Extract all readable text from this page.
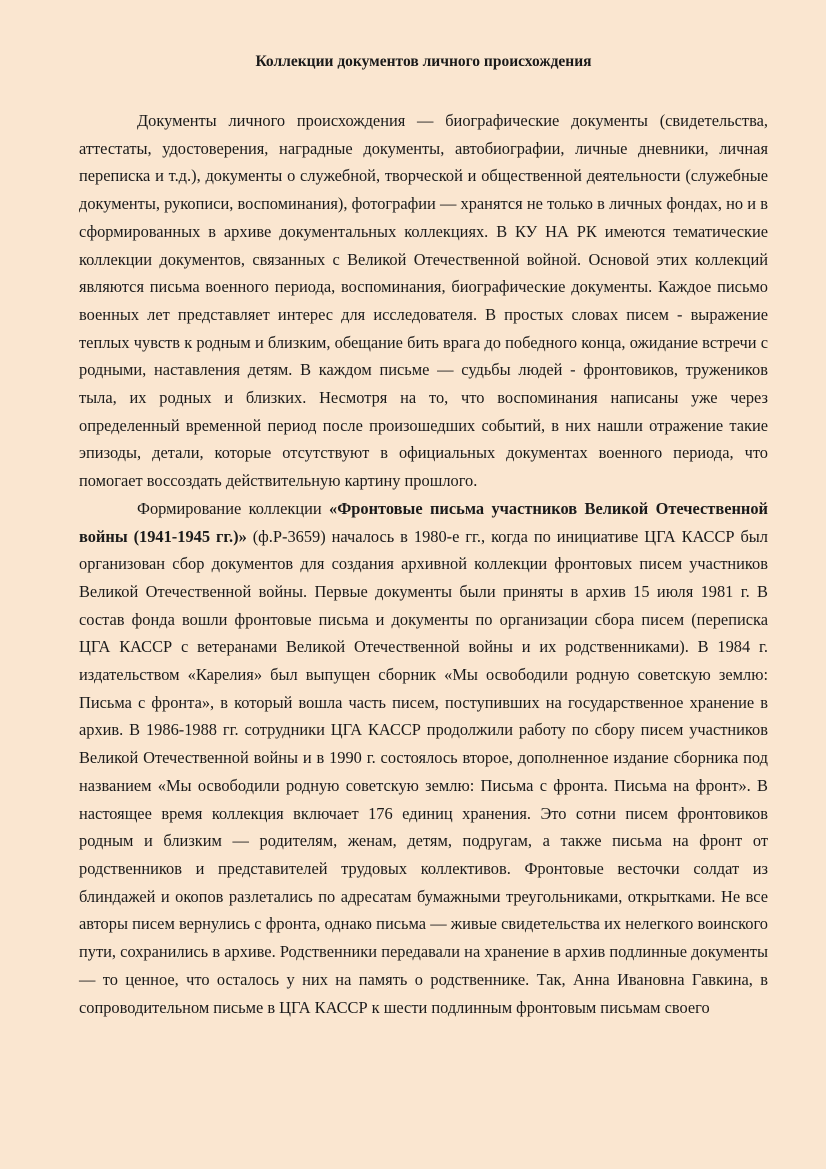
Коллекции документов личного происхождения

Документы личного происхождения — биографические документы (свидетельства, аттестаты, удостоверения, наградные документы, автобиографии, личные дневники, личная переписка и т.д.), документы о служебной, творческой и общественной деятельности (служебные документы, рукописи, воспоминания), фотографии — хранятся не только в личных фондах, но и в сформированных в архиве документальных коллекциях. В КУ НА РК имеются тематические коллекции документов, связанных с Великой Отечественной войной. Основой этих коллекций являются письма военного периода, воспоминания, биографические документы. Каждое письмо военных лет представляет интерес для исследователя. В простых словах писем - выражение теплых чувств к родным и близким, обещание бить врага до победного конца, ожидание встречи с родными, наставления детям. В каждом письме — судьбы людей - фронтовиков, тружеников тыла, их родных и близких. Несмотря на то, что воспоминания написаны уже через определенный временной период после произошедших событий, в них нашли отражение такие эпизоды, детали, которые отсутствуют в официальных документах военного периода, что помогает воссоздать действительную картину прошлого.

Формирование коллекции «Фронтовые письма участников Великой Отечественной войны (1941-1945 гг.)» (ф.Р-3659) началось в 1980-е гг., когда по инициативе ЦГА КАССР был организован сбор документов для создания архивной коллекции фронтовых писем участников Великой Отечественной войны. Первые документы были приняты в архив 15 июля 1981 г. В состав фонда вошли фронтовые письма и документы по организации сбора писем (переписка ЦГА КАССР с ветеранами Великой Отечественной войны и их родственниками). В 1984 г. издательством «Карелия» был выпущен сборник «Мы освободили родную советскую землю: Письма с фронта», в который вошла часть писем, поступивших на государственное хранение в архив. В 1986-1988 гг. сотрудники ЦГА КАССР продолжили работу по сбору писем участников Великой Отечественной войны и в 1990 г. состоялось второе, дополненное издание сборника под названием «Мы освободили родную советскую землю: Письма с фронта. Письма на фронт». В настоящее время коллекция включает 176 единиц хранения. Это сотни писем фронтовиков родным и близким — родителям, женам, детям, подругам, а также письма на фронт от родственников и представителей трудовых коллективов. Фронтовые весточки солдат из блиндажей и окопов разлетались по адресатам бумажными треугольниками, открытками. Не все авторы писем вернулись с фронта, однако письма — живые свидетельства их нелегкого воинского пути, сохранились в архиве. Родственники передавали на хранение в архив подлинные документы — то ценное, что осталось у них на память о родственнике. Так, Анна Ивановна Гавкина, в сопроводительном письме в ЦГА КАССР к шести подлинным фронтовым письмам своего
